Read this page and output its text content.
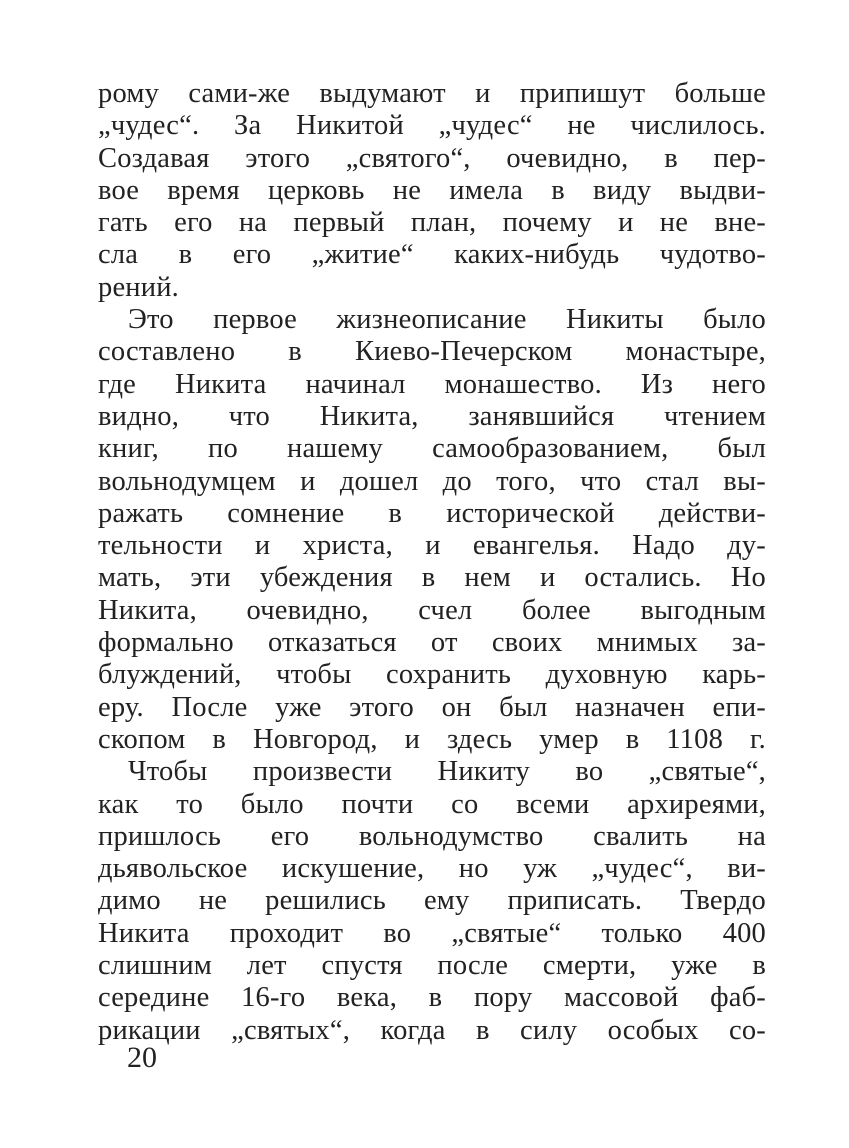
рому сами-же выдумают и припишут больше
„чудес“. За Никитой „чудес“ не числилось.
Создавая этого „святого“, очевидно, в пер-
вое время церковь не имела в виду выдви-
гать его на первый план, почему и не вне-
сла в его „житие“ каких-нибудь чудотво-
рений.
Это первое жизнеописание Никиты было
составлено в Киево-Печерском монастыре,
где Никита начинал монашество. Из него
видно, что Никита, занявшийся чтением
книг, по нашему самообразованием, был
вольнодумцем и дошел до того, что стал вы-
ражать сомнение в исторической действи-
тельности и христа, и евангелья. Надо ду-
мать, эти убеждения в нем и остались. Но
Никита, очевидно, счел более выгодным
формально отказаться от своих мнимых за-
блуждений, чтобы сохранить духовную карь-
еру. После уже этого он был назначен епи-
скопом в Новгород, и здесь умер в 1108 г.
Чтобы произвести Никиту во „святые“,
как то было почти со всеми архиреями,
пришлось его вольнодумство свалить на
дьявольское искушение, но уж „чудес“, ви-
димо не решились ему приписать. Твердо
Никита проходит во „святые“ только 400
слишним лет спустя после смерти, уже в
середине 16-го века, в пору массовой фаб-
рикации „святых“, когда в силу особых со-
20
